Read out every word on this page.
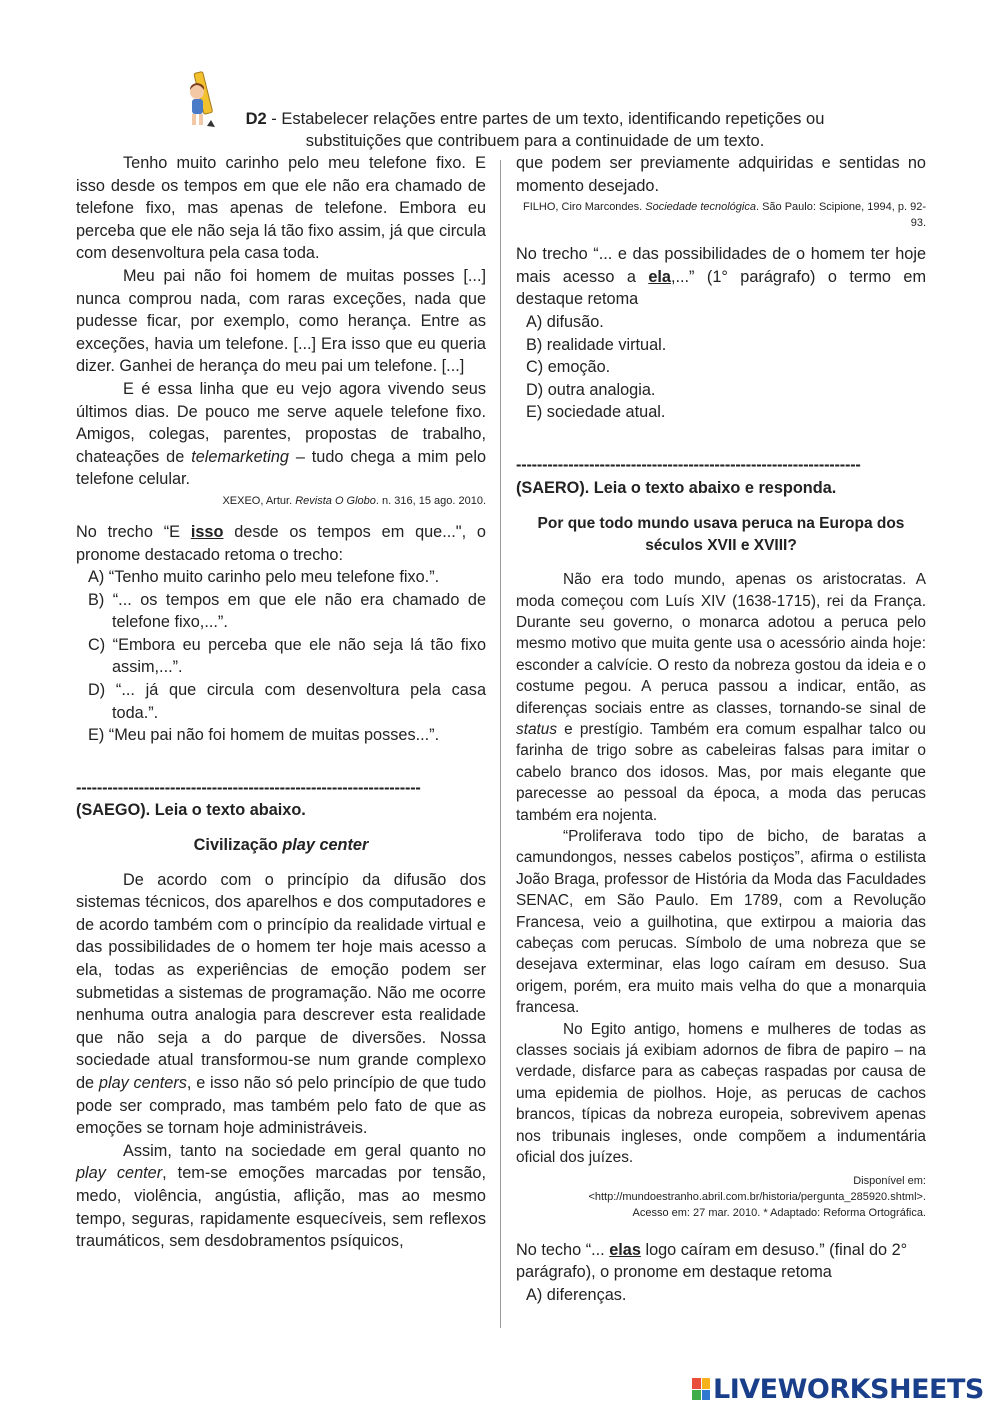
D2 - Estabelecer relações entre partes de um texto, identificando repetições ou
substituições que contribuem para a continuidade de um texto.

Tenho muito carinho pelo meu telefone fixo. E isso desde os tempos em que ele não era chamado de telefone fixo, mas apenas de telefone. Embora eu perceba que ele não seja lá tão fixo assim, já que circula com desenvoltura pela casa toda.

Meu pai não foi homem de muitas posses [...] nunca comprou nada, com raras exceções, nada que pudesse ficar, por exemplo, como herança. Entre as exceções, havia um telefone. [...] Era isso que eu queria dizer. Ganhei de herança do meu pai um telefone. [...]

E é essa linha que eu vejo agora vivendo seus últimos dias. De pouco me serve aquele telefone fixo. Amigos, colegas, parentes, propostas de trabalho, chateações de telemarketing – tudo chega a mim pelo telefone celular.

XEXEO, Artur. Revista O Globo. n. 316, 15 ago. 2010.

No trecho “E isso desde os tempos em que...", o pronome destacado retoma o trecho:

A) “Tenho muito carinho pelo meu telefone fixo.”.
B) “... os tempos em que ele não era chamado de telefone fixo,...”.
C) “Embora eu perceba que ele não seja lá tão fixo assim,...”.
D) “... já que circula com desenvoltura pela casa toda.”.
E) “Meu pai não foi homem de muitas posses...”.
------------------------------------------------------------------
(SAEGO). Leia o texto abaixo.
Civilização play center

De acordo com o princípio da difusão dos sistemas técnicos, dos aparelhos e dos computadores e de acordo também com o princípio da realidade virtual e das possibilidades de o homem ter hoje mais acesso a ela, todas as experiências de emoção podem ser submetidas a sistemas de programação. Não me ocorre nenhuma outra analogia para descrever esta realidade que não seja a do parque de diversões. Nossa sociedade atual transformou-se num grande complexo de play centers, e isso não só pelo princípio de que tudo pode ser comprado, mas também pelo fato de que as emoções se tornam hoje administráveis.

Assim, tanto na sociedade em geral quanto no play center, tem-se emoções marcadas por tensão, medo, violência, angústia, aflição, mas ao mesmo tempo, seguras, rapidamente esquecíveis, sem reflexos traumáticos, sem desdobramentos psíquicos,

que podem ser previamente adquiridas e sentidas no momento desejado.

FILHO, Ciro Marcondes. Sociedade tecnológica. São Paulo: Scipione, 1994, p. 92-93.

No trecho “... e das possibilidades de o homem ter hoje mais acesso a ela,...” (1° parágrafo) o termo em destaque retoma

A) difusão.
B) realidade virtual.
C) emoção.
D) outra analogia.
E) sociedade atual.
------------------------------------------------------------------
(SAERO). Leia o texto abaixo e responda.
Por que todo mundo usava peruca na Europa dos séculos XVII e XVIII?

Não era todo mundo, apenas os aristocratas. A moda começou com Luís XIV (1638-1715), rei da França. Durante seu governo, o monarca adotou a peruca pelo mesmo motivo que muita gente usa o acessório ainda hoje: esconder a calvície. O resto da nobreza gostou da ideia e o costume pegou. A peruca passou a indicar, então, as diferenças sociais entre as classes, tornando-se sinal de status e prestígio. Também era comum espalhar talco ou farinha de trigo sobre as cabeleiras falsas para imitar o cabelo branco dos idosos. Mas, por mais elegante que parecesse ao pessoal da época, a moda das perucas também era nojenta.

“Proliferava todo tipo de bicho, de baratas a camundongos, nesses cabelos postiços”, afirma o estilista João Braga, professor de História da Moda das Faculdades SENAC, em São Paulo. Em 1789, com a Revolução Francesa, veio a guilhotina, que extirpou a maioria das cabeças com perucas. Símbolo de uma nobreza que se desejava exterminar, elas logo caíram em desuso. Sua origem, porém, era muito mais velha do que a monarquia francesa.

No Egito antigo, homens e mulheres de todas as classes sociais já exibiam adornos de fibra de papiro – na verdade, disfarce para as cabeças raspadas por causa de uma epidemia de piolhos. Hoje, as perucas de cachos brancos, típicas da nobreza europeia, sobrevivem apenas nos tribunais ingleses, onde compõem a indumentária oficial dos juízes.

Disponível em:

<http://mundoestranho.abril.com.br/historia/pergunta_285920.shtml>.

Acesso em: 27 mar. 2010. * Adaptado: Reforma Ortográfica.

No techo “... elas logo caíram em desuso.” (final do 2° parágrafo), o pronome em destaque retoma

A) diferenças.
LIVEWORKSHEETS
